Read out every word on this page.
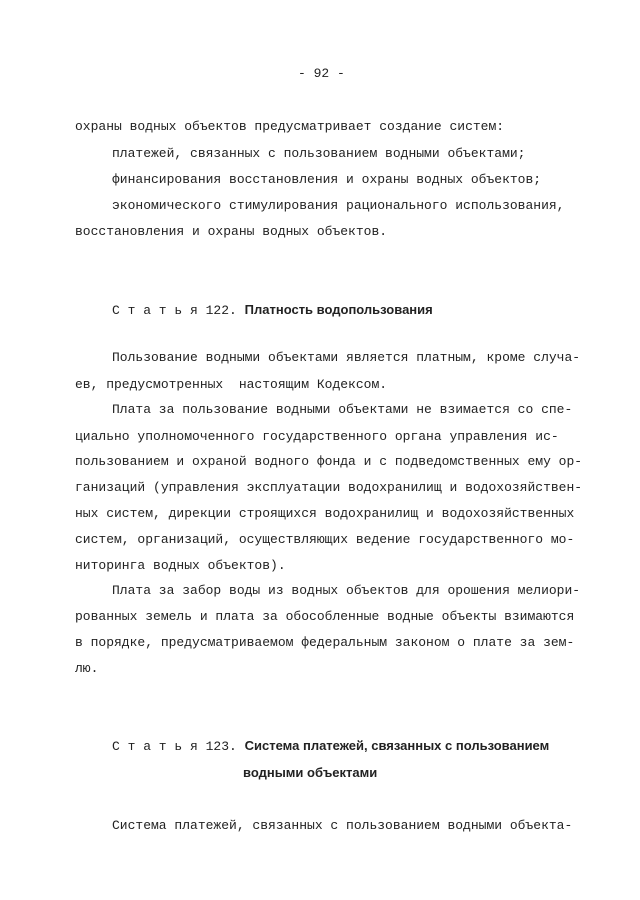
- 92 -
охраны водных объектов предусматривает создание систем:
платежей, связанных с пользованием водными объектами;
финансирования восстановления и охраны водных объектов;
экономического стимулирования рационального использования,
восстановления и охраны водных объектов.
С т а т ь я 122. Платность водопользования
Пользование водными объектами является платным, кроме случа-
ев, предусмотренных  настоящим Кодексом.
Плата за пользование водными объектами не взимается со спе-
циально уполномоченного государственного органа управления ис-
пользованием и охраной водного фонда и с подведомственных ему ор-
ганизаций (управления эксплуатации водохранилищ и водохозяйствен-
ных систем, дирекции строящихся водохранилищ и водохозяйственных
систем, организаций, осуществляющих ведение государственного мо-
ниторинга водных объектов).
Плата за забор воды из водных объектов для орошения мелиори-
рованных земель и плата за обособленные водные объекты взимаются
в порядке, предусматриваемом федеральным законом о плате за зем-
лю.
С т а т ь я 123. Система платежей, связанных с пользованием
водными объектами
Система платежей, связанных с пользованием водными объекта-
